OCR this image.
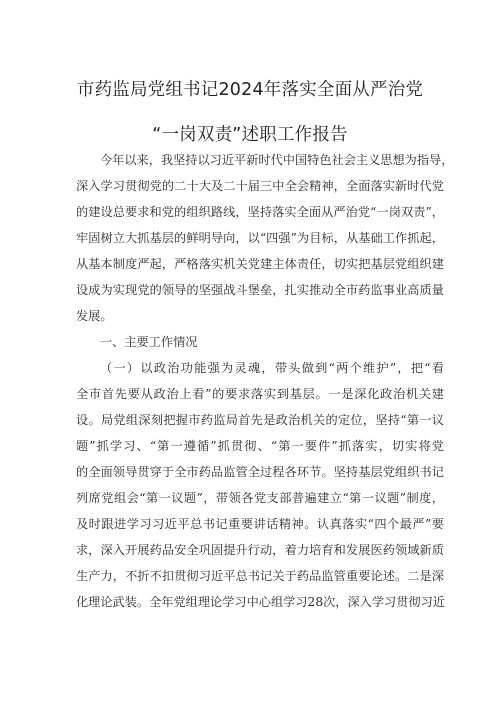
市药监局党组书记2024年落实全面从严治党
“一岗双责”述职工作报告
今年以来，我坚持以习近平新时代中国特色社会主义思想为指导，
深入学习贯彻党的二十大及二十届三中全会精神，全面落实新时代党
的建设总要求和党的组织路线，坚持落实全面从严治党“一岗双责”，
牢固树立大抓基层的鲜明导向，以“四强”为目标，从基础工作抓起，
从基本制度严起，严格落实机关党建主体责任，切实把基层党组织建
设成为实现党的领导的坚强战斗堡垒，扎实推动全市药监事业高质量
发展。
一、主要工作情况
（一）以政治功能强为灵魂，带头做到“两个维护”，把“看
全市首先要从政治上看”的要求落实到基层。一是深化政治机关建
设。局党组深刻把握市药监局首先是政治机关的定位，坚持“第一议
题”抓学习、“第一遵循”抓贯彻、“第一要件”抓落实，切实将党
的全面领导贯穿于全市药品监管全过程各环节。坚持基层党组织书记
列席党组会“第一议题”，带领各党支部普遍建立“第一议题”制度，
及时跟进学习习近平总书记重要讲话精神。认真落实“四个最严”要
求，深入开展药品安全巩固提升行动，着力培育和发展医药领域新质
生产力，不折不扣贯彻习近平总书记关于药品监管重要论述。二是深
化理论武装。全年党组理论学习中心组学习28次，深入学习贯彻习近
